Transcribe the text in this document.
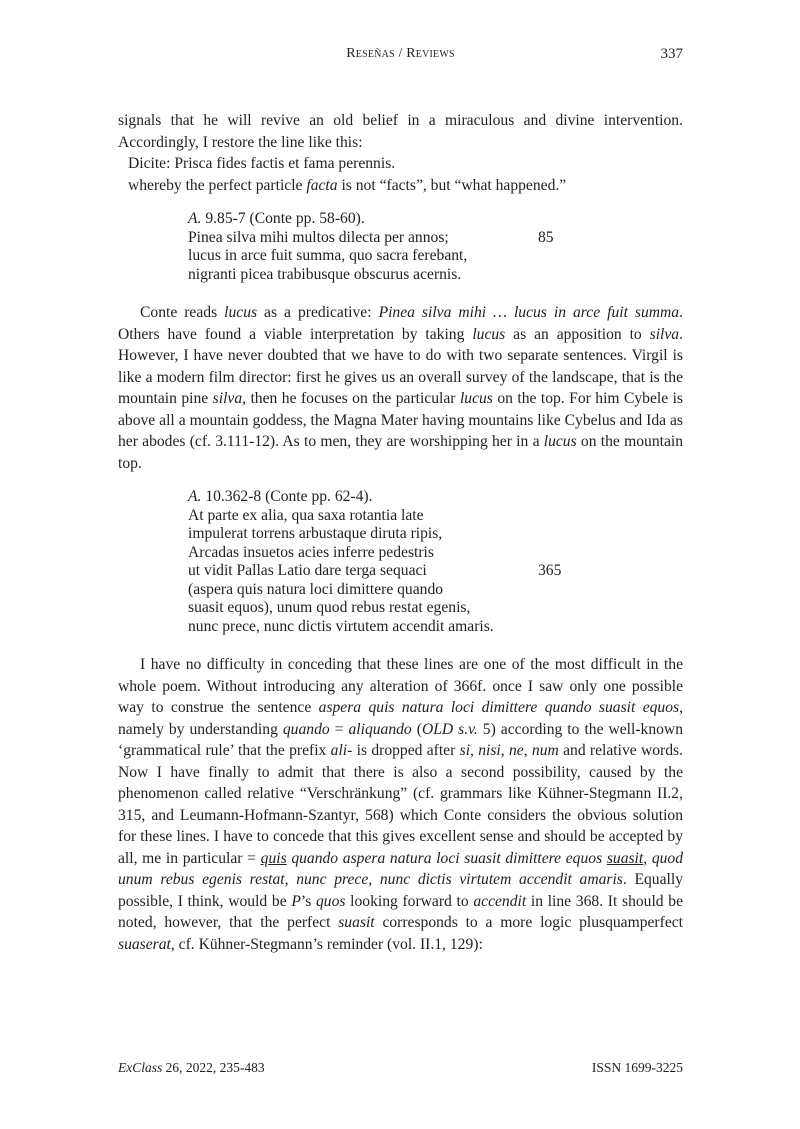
Reseñas / Reviews	337
signals that he will revive an old belief in a miraculous and divine intervention. Accordingly, I restore the line like this:
Dicite: Prisca fides factis et fama perennis.
whereby the perfect particle facta is not “facts”, but “what happened.”
A. 9.85-7 (Conte pp. 58-60).
Pinea silva mihi multos dilecta per annos;	85
lucus in arce fuit summa, quo sacra ferebant,
nigranti picea trabibusque obscurus acernis.
Conte reads lucus as a predicative: Pinea silva mihi … lucus in arce fuit summa. Others have found a viable interpretation by taking lucus as an apposition to silva. However, I have never doubted that we have to do with two separate sentences. Virgil is like a modern film director: first he gives us an overall survey of the landscape, that is the mountain pine silva, then he focuses on the particular lucus on the top. For him Cybele is above all a mountain goddess, the Magna Mater having mountains like Cybelus and Ida as her abodes (cf. 3.111-12). As to men, they are worshipping her in a lucus on the mountain top.
A. 10.362-8 (Conte pp. 62-4).
At parte ex alia, qua saxa rotantia late
impulerat torrens arbustaque diruta ripis,
Arcadas insuetos acies inferre pedestris
ut vidit Pallas Latio dare terga sequaci	365
(aspera quis natura loci dimittere quando
suasit equos), unum quod rebus restat egenis,
nunc prece, nunc dictis virtutem accendit amaris.
I have no difficulty in conceding that these lines are one of the most difficult in the whole poem. Without introducing any alteration of 366f. once I saw only one possible way to construe the sentence aspera quis natura loci dimittere quando suasit equos, namely by understanding quando = aliquando (OLD s.v. 5) according to the well-known ‘grammatical rule’ that the prefix ali- is dropped after si, nisi, ne, num and relative words. Now I have finally to admit that there is also a second possibility, caused by the phenomenon called relative “Verschränkung” (cf. grammars like Kühner-Stegmann II.2, 315, and Leumann-Hofmann-Szantyr, 568) which Conte considers the obvious solution for these lines. I have to concede that this gives excellent sense and should be accepted by all, me in particular = quis quando aspera natura loci suasit dimittere equos suasit, quod unum rebus egenis restat, nunc prece, nunc dictis virtutem accendit amaris. Equally possible, I think, would be P’s quos looking forward to accendit in line 368. It should be noted, however, that the perfect suasit corresponds to a more logic plusquamperfect suaserat, cf. Kühner-Stegmann’s reminder (vol. II.1, 129):
ExClass 26, 2022, 235-483	ISSN 1699-3225
